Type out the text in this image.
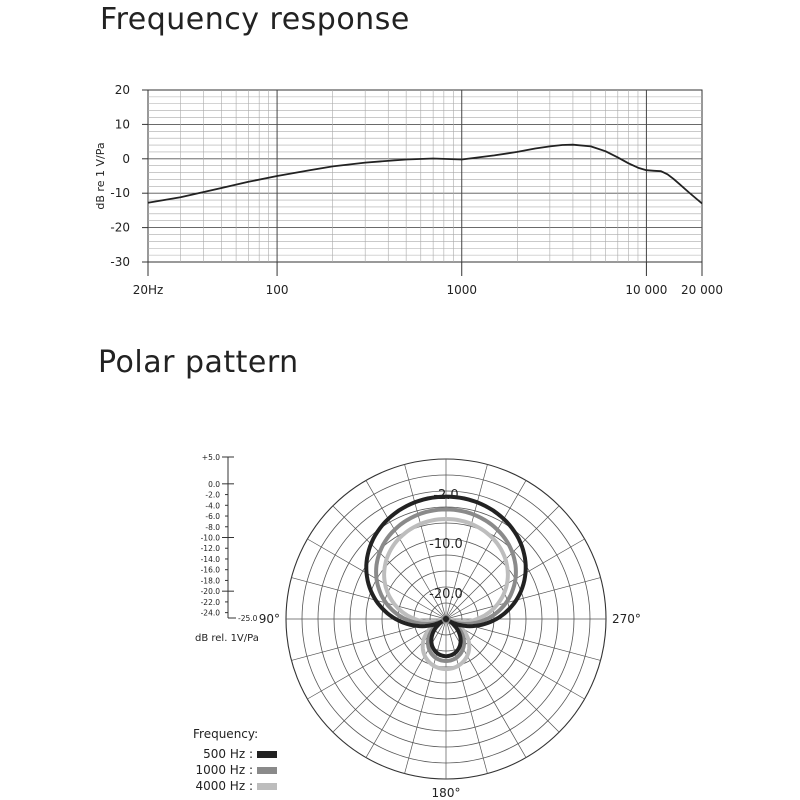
Frequency response
Polar pattern
20
10
0
-10
-20
-30
20Hz	100	1000	10 000 20 000
dB re 1 V/Pa
-2.0
-10.0
-20.0
90°	270°
180°
+5.0
0.0
-2.0
-4.0
-6.0
-8.0
-10.0
-12.0
-14.0
-16.0
-18.0
-20.0
-22.0
-24.0
-25.0
dB rel. 1V/Pa
Frequency:
500 Hz :
1000 Hz :
4000 Hz :
